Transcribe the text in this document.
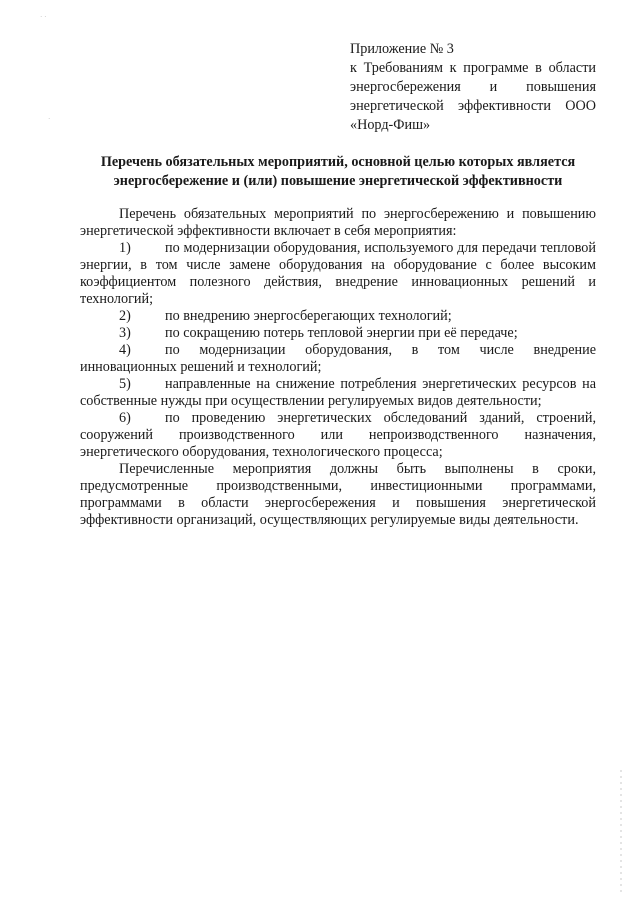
· ·
·
Приложение № 3
к Требованиям к программе в области
энергосбережения и повышения
энергетической эффективности ООО
«Норд-Фиш»
Перечень обязательных мероприятий, основной целью которых является
энергосбережение и (или) повышение энергетической эффективности

Перечень обязательных мероприятий по энергосбережению и повышению энергетической эффективности включает в себя мероприятия:

1) по модернизации оборудования, используемого для передачи тепловой энергии, в том числе замене оборудования на оборудование с более высоким коэффициентом полезного действия, внедрение инновационных решений и технологий;

2) по внедрению энергосберегающих технологий;

3) по сокращению потерь тепловой энергии при её передаче;

4) по модернизации оборудования, в том числе внедрение инновационных решений и технологий;

5) направленные на снижение потребления энергетических ресурсов на собственные нужды при осуществлении регулируемых видов деятельности;

6) по проведению энергетических обследований зданий, строений, сооружений производственного или непроизводственного назначения, энергетического оборудования, технологического процесса;

Перечисленные мероприятия должны быть выполнены в сроки, предусмотренные производственными, инвестиционными программами, программами в области энергосбережения и повышения энергетической эффективности организаций, осуществляющих регулируемые виды деятельности.
